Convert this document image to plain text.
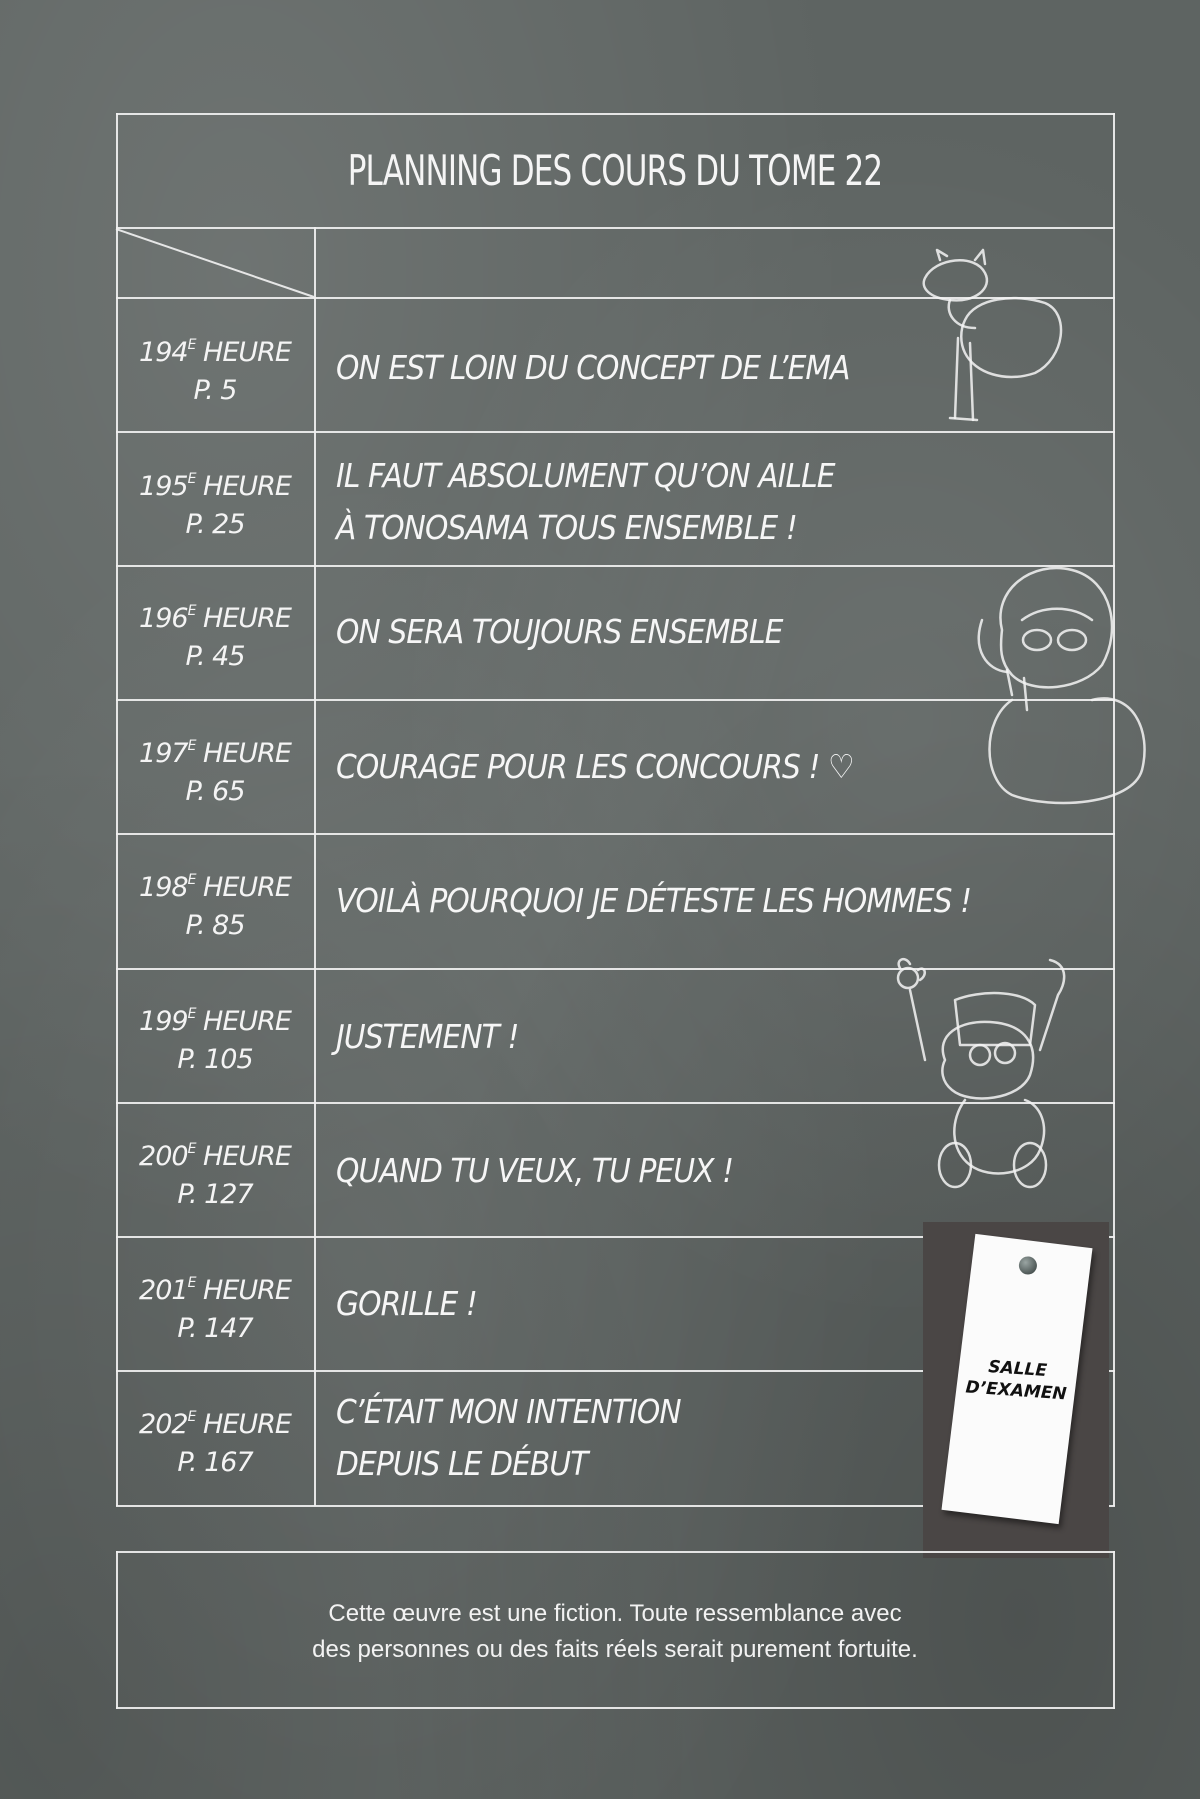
PLANNING DES COURS DU TOME 22
$194^E$ HEURE
P. 5
ON EST LOIN DU CONCEPT DE L’EMA
$195^E$ HEURE
P. 25
IL FAUT ABSOLUMENT QU’ON AILLE
À TONOSAMA TOUS ENSEMBLE !
$196^E$ HEURE
P. 45
ON SERA TOUJOURS ENSEMBLE
$197^E$ HEURE
P. 65
COURAGE POUR LES CONCOURS ! ♡
$198^E$ HEURE
P. 85
VOILÀ POURQUOI JE DÉTESTE LES HOMMES !
$199^E$ HEURE
P. 105
JUSTEMENT !
$200^E$ HEURE
P. 127
QUAND TU VEUX, TU PEUX !
$201^E$ HEURE
P. 147
GORILLE !
$202^E$ HEURE
P. 167
C’ÉTAIT MON INTENTION
DEPUIS LE DÉBUT
SALLE
D’EXAMEN
Cette œuvre est une fiction. Toute ressemblance avec
des personnes ou des faits réels serait purement fortuite.
